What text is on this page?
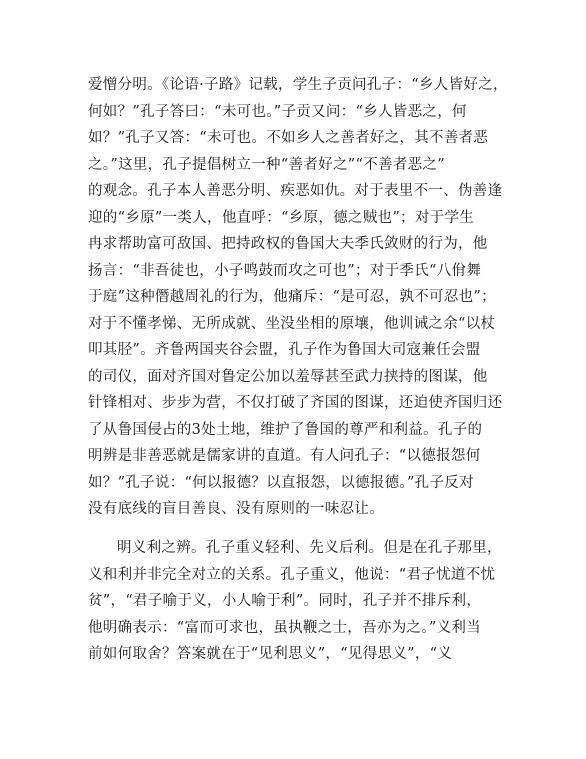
爱憎分明。《论语·子路》记载，学生子贡问孔子：“乡人皆好之，
何如？”孔子答曰：“未可也。”子贡又问：“乡人皆恶之，何
如？”孔子又答：“未可也。不如乡人之善者好之，其不善者恶
之。”这里，孔子提倡树立一种“善者好之”“不善者恶之”
的观念。孔子本人善恶分明、疾恶如仇。对于表里不一、伪善逢
迎的“乡原”一类人，他直呼：“乡原，德之贼也”；对于学生
冉求帮助富可敌国、把持政权的鲁国大夫季氏敛财的行为，他
扬言：“非吾徒也，小子鸣鼓而攻之可也”；对于季氏“八佾舞
于庭”这种僭越周礼的行为，他痛斥：“是可忍，孰不可忍也”；
对于不懂孝悌、无所成就、坐没坐相的原壤，他训诫之余“以杖
叩其胫”。齐鲁两国夹谷会盟，孔子作为鲁国大司寇兼任会盟
的司仪，面对齐国对鲁定公加以羞辱甚至武力挟持的图谋，他
针锋相对、步步为营，不仅打破了齐国的图谋，还迫使齐国归还
了从鲁国侵占的3处土地，维护了鲁国的尊严和利益。孔子的
明辨是非善恶就是儒家讲的直道。有人问孔子：“以德报怨何
如？”孔子说：“何以报德？以直报怨，以德报德。”孔子反对
没有底线的盲目善良、没有原则的一味忍让。
明义利之辨。孔子重义轻利、先义后利。但是在孔子那里，
义和利并非完全对立的关系。孔子重义，他说：“君子忧道不忧
贫”，“君子喻于义，小人喻于利”。同时，孔子并不排斥利，
他明确表示：“富而可求也，虽执鞭之士，吾亦为之。”义利当
前如何取舍？答案就在于“见利思义”，“见得思义”，“义
